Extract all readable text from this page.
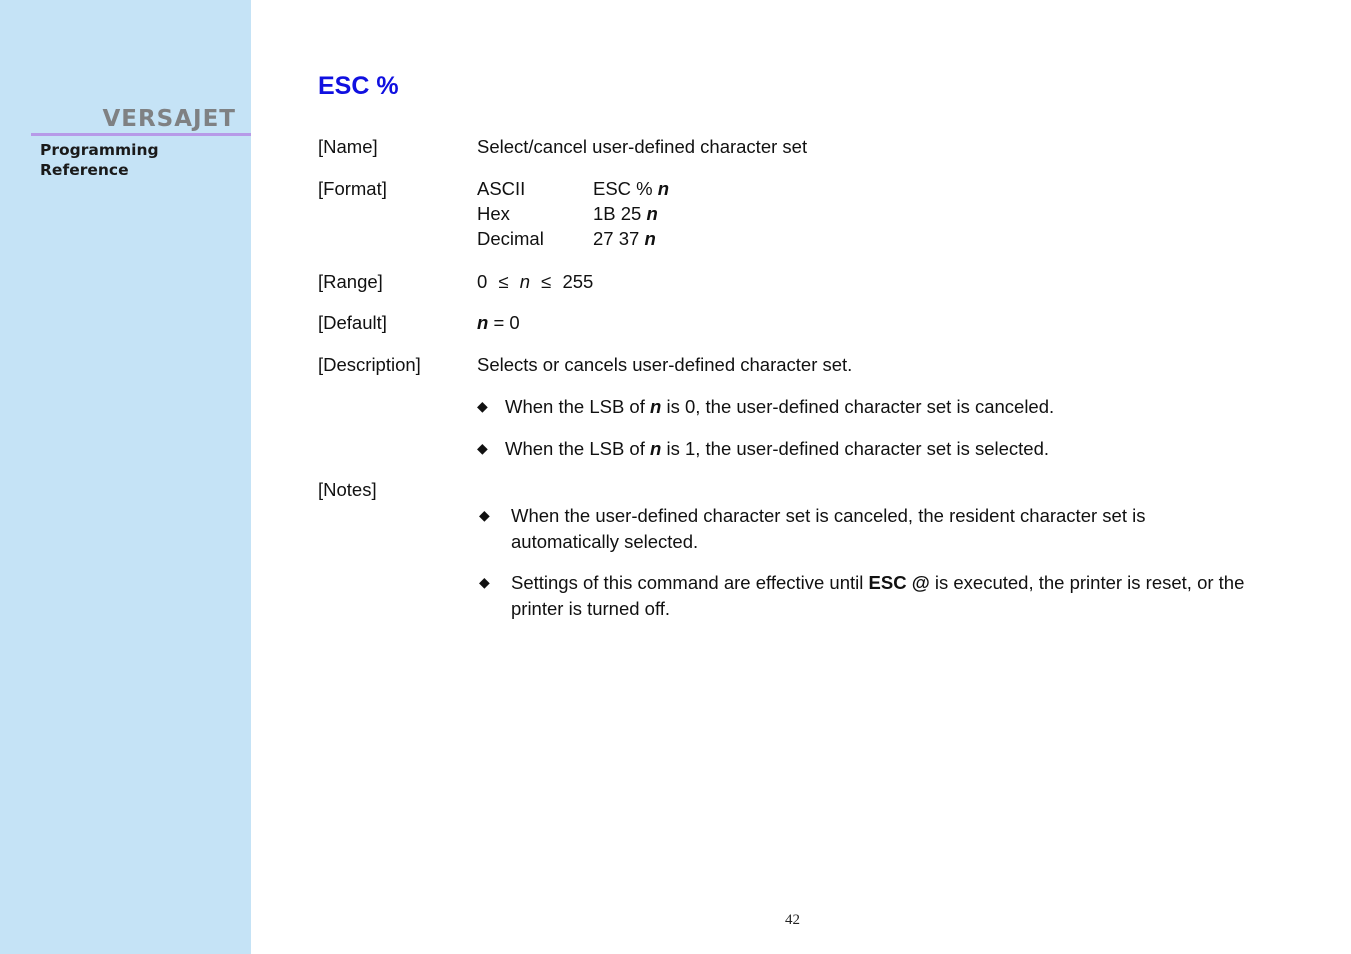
VERSAJET
Programming Reference
ESC %
[Name]	Select/cancel user-defined character set
[Format]	ASCII	ESC % n
Hex	1B 25 n
Decimal	27 37 n
[Range]	0 ≤ n ≤ 255
[Default]	n = 0
[Description]	Selects or cancels user-defined character set.
◆ When the LSB of n is 0, the user-defined character set is canceled.
◆ When the LSB of n is 1, the user-defined character set is selected.
[Notes]
◆ When the user-defined character set is canceled, the resident character set is automatically selected.
◆ Settings of this command are effective until ESC @ is executed, the printer is reset, or the printer is turned off.
42
